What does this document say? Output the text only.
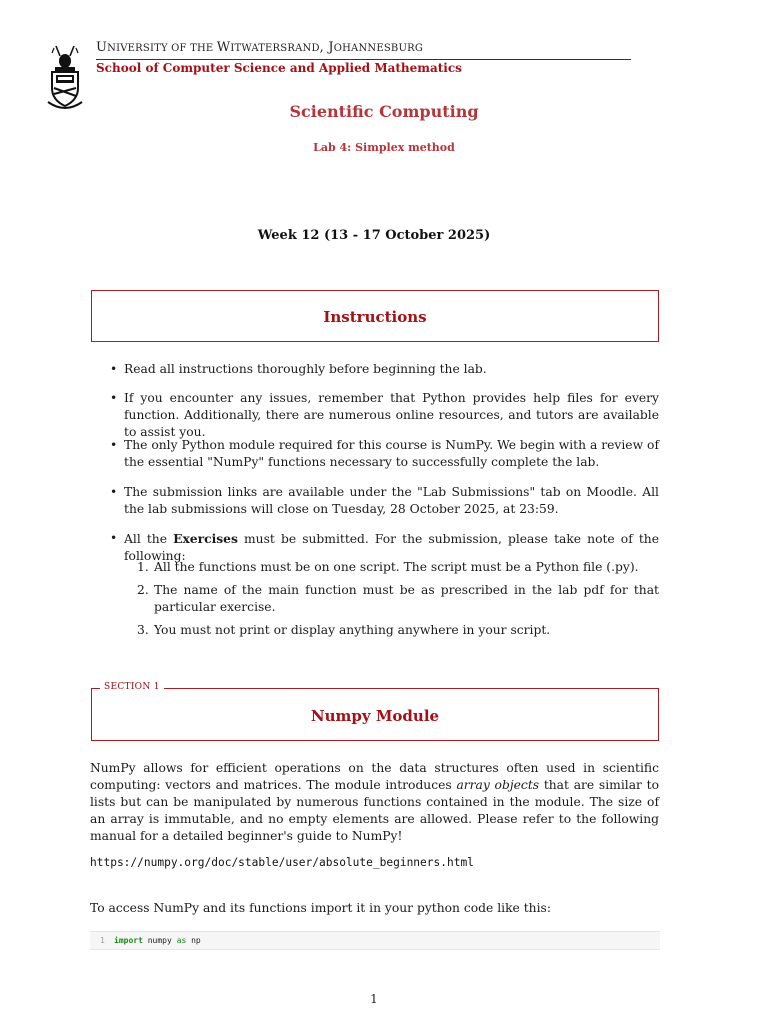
UNIVERSITY OF THE WITWATERSRAND, JOHANNESBURG
School of Computer Science and Applied Mathematics
Scientific Computing
Lab 4: Simplex method
Week 12 (13 - 17 October 2025)
Instructions
• Read all instructions thoroughly before beginning the lab.
• If you encounter any issues, remember that Python provides help files for every function. Additionally, there are numerous online resources, and tutors are available to assist you.
• The only Python module required for this course is NumPy. We begin with a review of the essential "NumPy" functions necessary to successfully complete the lab.
• The submission links are available under the "Lab Submissions" tab on Moodle. All the lab submissions will close on Tuesday, 28 October 2025, at 23:59.
• All the Exercises must be submitted. For the submission, please take note of the following:
1. All the functions must be on one script. The script must be a Python file (.py).
2. The name of the main function must be as prescribed in the lab pdf for that particular exercise.
3. You must not print or display anything anywhere in your script.
Numpy Module
SECTION 1
NumPy allows for efficient operations on the data structures often used in scientific computing: vectors and matrices. The module introduces array objects that are similar to lists but can be manipulated by numerous functions contained in the module. The size of an array is immutable, and no empty elements are allowed. Please refer to the following manual for a detailed beginner's guide to NumPy!
https://numpy.org/doc/stable/user/absolute_beginners.html
To access NumPy and its functions import it in your python code like this:
1 import numpy as np
1
